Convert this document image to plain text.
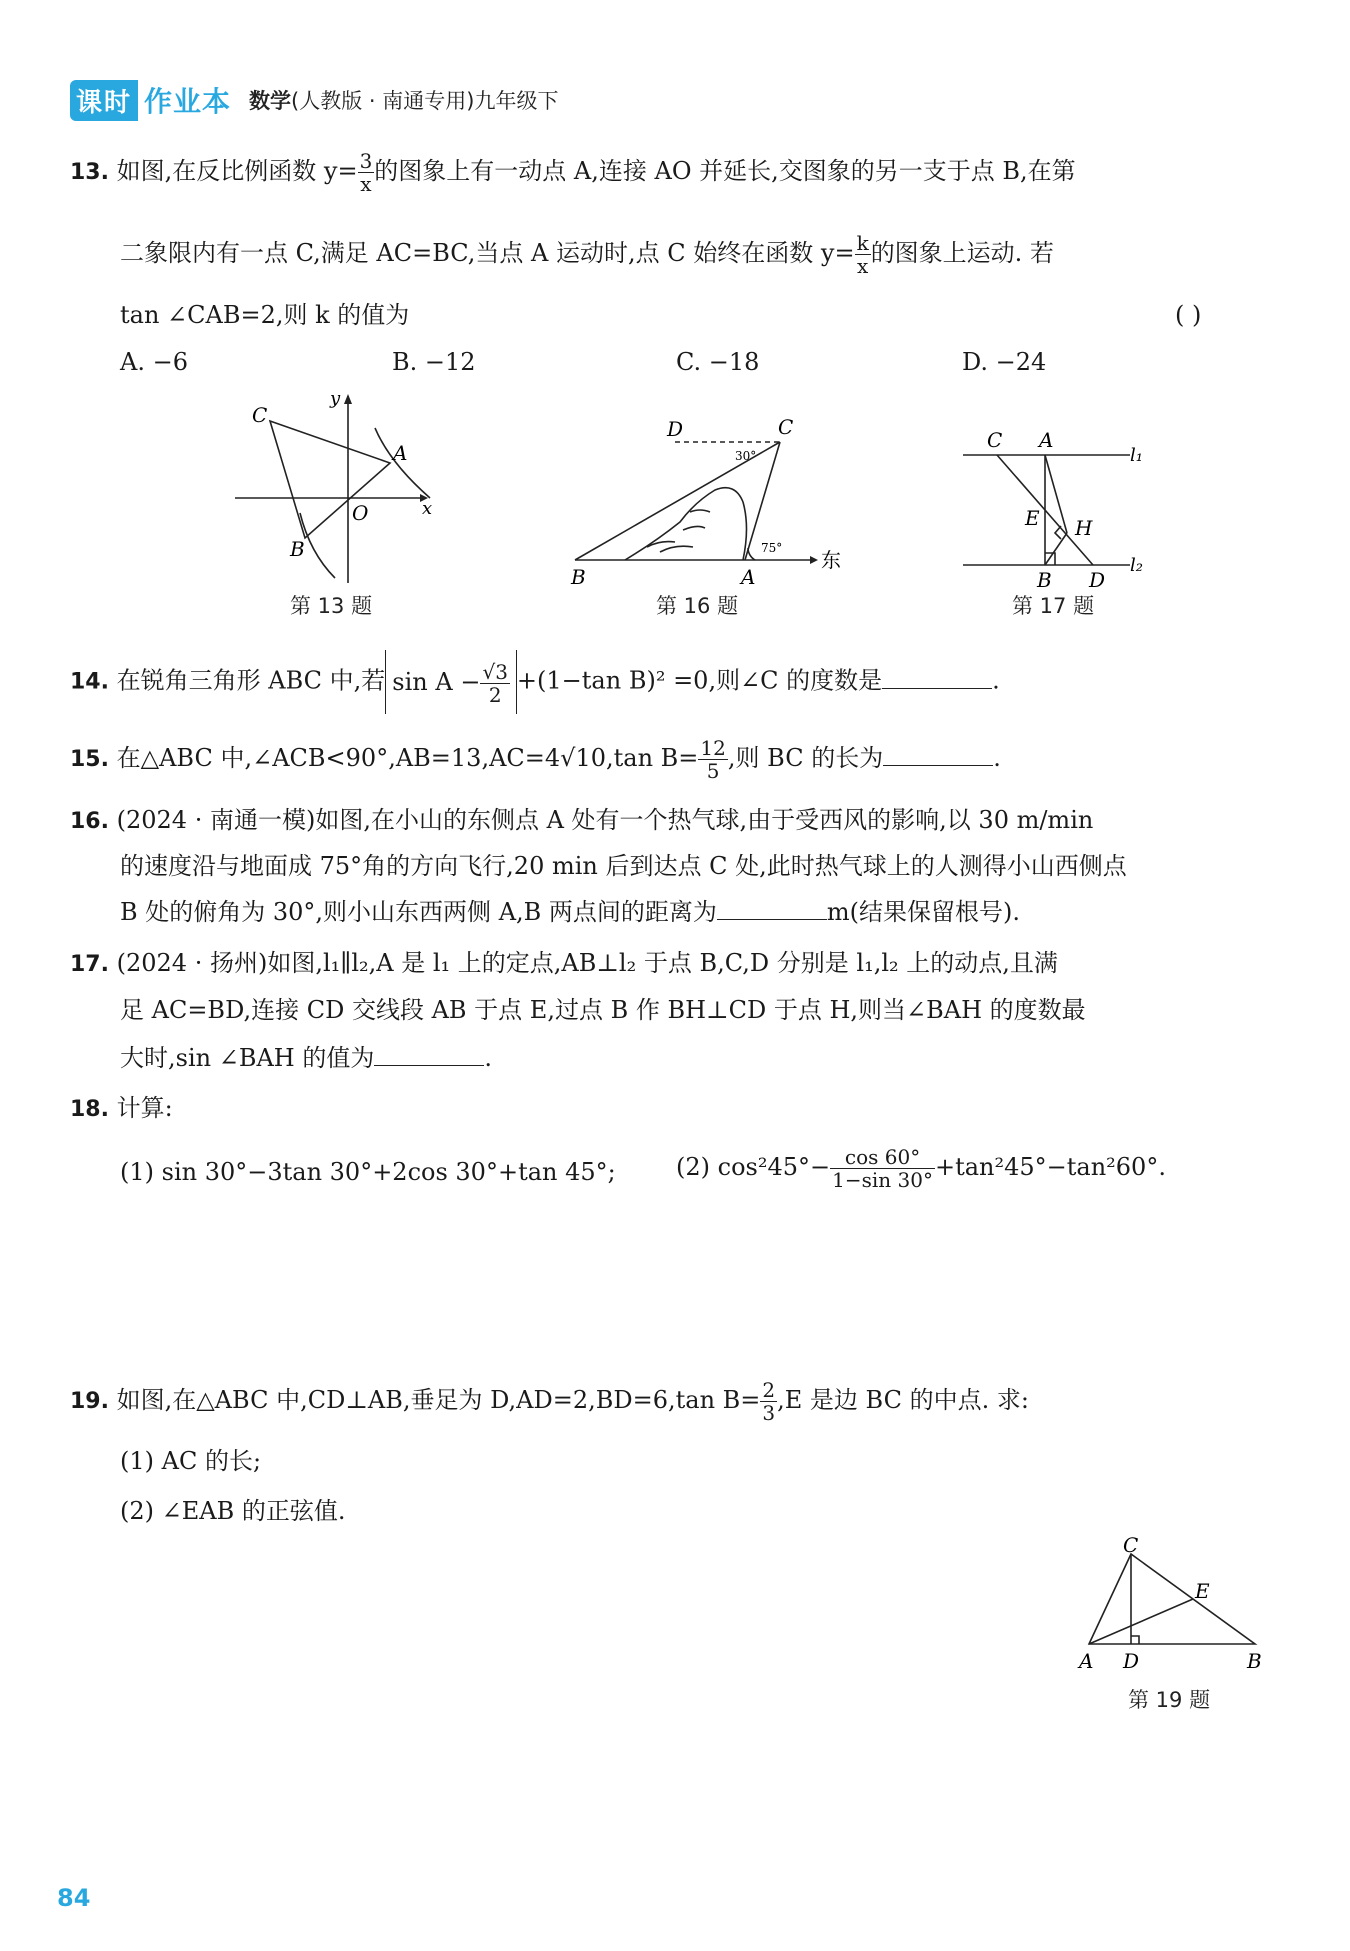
课时 作业本 数学(人教版 · 南通专用)九年级下
13. 如图,在反比例函数 $y= \frac{3}{x}$ 的图象上有一动点 A,连接 AO 并延长,交图象的另一支于点 B,在第
二象限内有一点 C,满足 AC=BC,当点 A 运动时,点 C 始终在函数 $y= \frac{k}{x}$ 的图象上运动. 若
tan ∠CAB=2,则 k 的值为	( )
A. −6	B. −12	C. −18	D. −24
C
y
A
O	x
B
第 13 题
D	C
30°
75° 东
B	A
第 16 题
C A
l₁
E H
B D
l₂
第 17 题
14. 在锐角三角形 ABC 中,若 $\sin A - \frac{√3}{2} +(1-\tan$ B)² =0,则∠C 的度数是	.
15. 在△ABC 中,∠ACB<90°,AB=13,AC=4√10,tan $B= \frac{12}{5}$ ,则 BC 的长为	.
16. (2024 · 南通一模)如图,在小山的东侧点 A 处有一个热气球,由于受西风的影响,以 30 m/min
的速度沿与地面成 75°角的方向飞行,20 min 后到达点 C 处,此时热气球上的人测得小山西侧点
B 处的俯角为 30°,则小山东西两侧 A,B 两点间的距离为	m(结果保留根号).
17. (2024 · 扬州)如图,l₁∥l₂,A 是 l₁ 上的定点,AB⊥l₂ 于点 B,C,D 分别是 l₁,l₂ 上的动点,且满
足 AC=BD,连接 CD 交线段 AB 于点 E,过点 B 作 BH⊥CD 于点 H,则当∠BAH 的度数最
大时,sin ∠BAH 的值为	.
18. 计算:
(1) sin 30°−3tan 30°+2cos 30°+tan 45°;	(2) $\cos^245^\circ- \frac{\cos 60^\circ}{1-\sin 30^\circ} +\tan^245^\circ-\tan^260^\circ$.
19. 如图,在△ABC 中,CD⊥AB,垂足为 D,AD=2,BD=6,tan $B= \frac{2}{3} ,E$ 是边 BC 的中点. 求:
(1) AC 的长;
(2) ∠EAB 的正弦值.
C
E
A D	B
第 19 题
84
